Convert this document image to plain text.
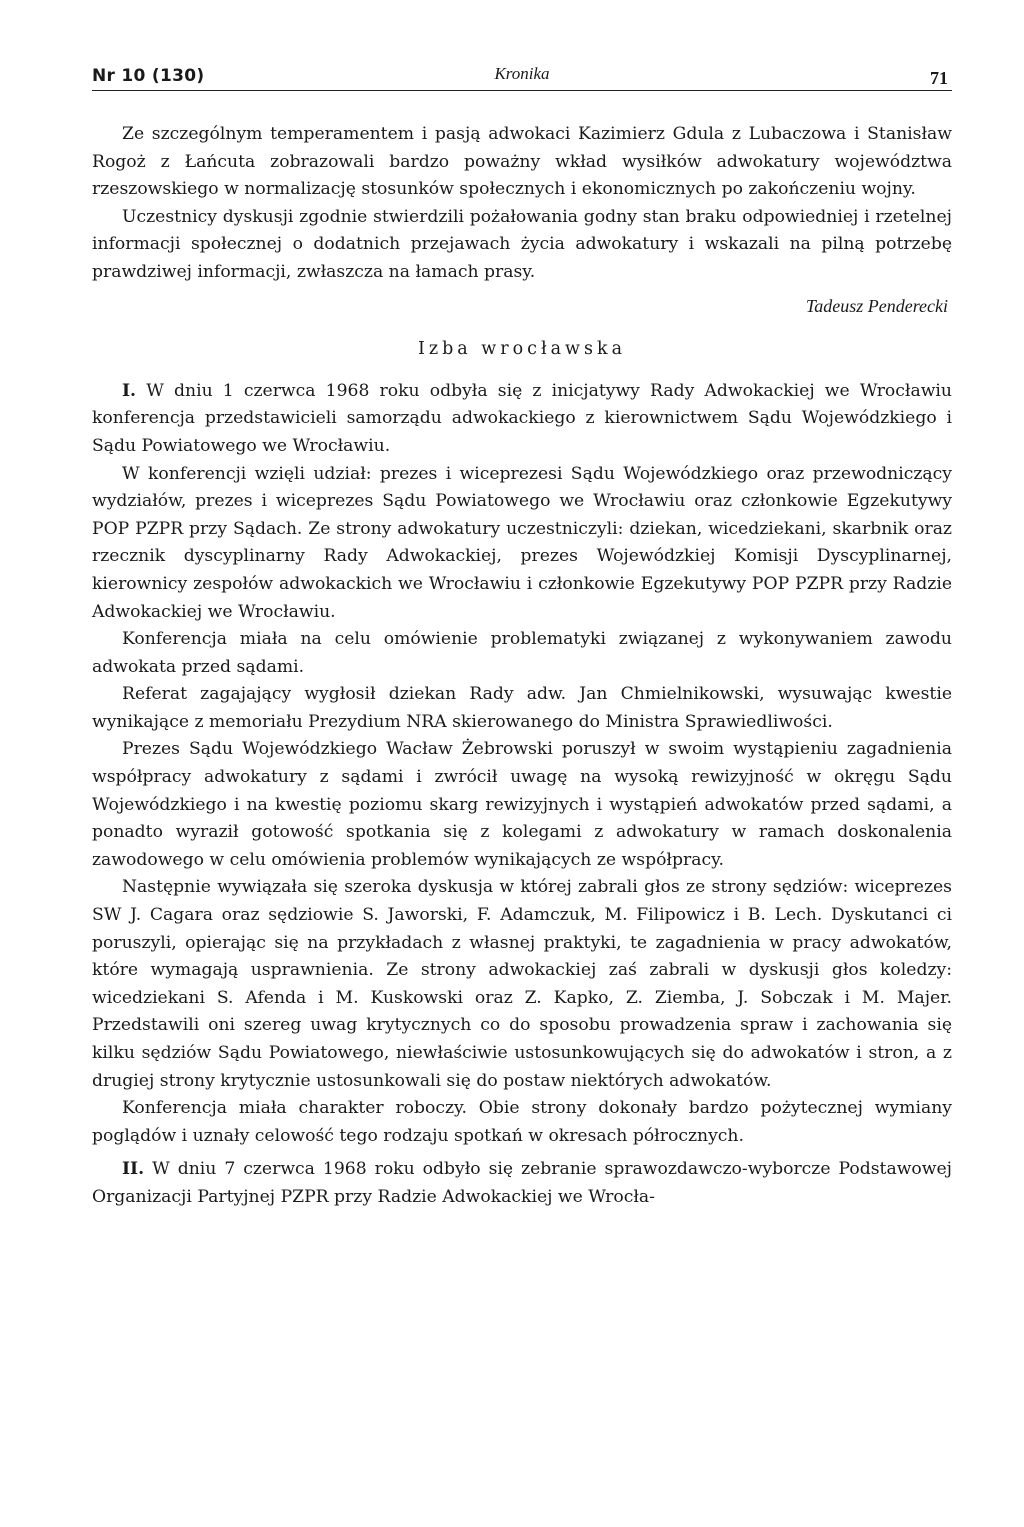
Nr 10 (130)	Kronika	71

Ze szczególnym temperamentem i pasją adwokaci Kazimierz Gdula z Lubaczowa i Stanisław Rogoż z Łańcuta zobrazowali bardzo poważny wkład wysiłków adwokatury województwa rzeszowskiego w normalizację stosunków społecznych i ekonomicznych po zakończeniu wojny.

Uczestnicy dyskusji zgodnie stwierdzili pożałowania godny stan braku odpowiedniej i rzetelnej informacji społecznej o dodatnich przejawach życia adwokatury i wskazali na pilną potrzebę prawdziwej informacji, zwłaszcza na łamach prasy.

Tadeusz Penderecki
Izba wrocławska

I. W dniu 1 czerwca 1968 roku odbyła się z inicjatywy Rady Adwokackiej we Wrocławiu konferencja przedstawicieli samorządu adwokackiego z kierownictwem Sądu Wojewódzkiego i Sądu Powiatowego we Wrocławiu.

W konferencji wzięli udział: prezes i wiceprezesi Sądu Wojewódzkiego oraz przewodniczący wydziałów, prezes i wiceprezes Sądu Powiatowego we Wrocławiu oraz członkowie Egzekutywy POP PZPR przy Sądach. Ze strony adwokatury uczestniczyli: dziekan, wicedziekani, skarbnik oraz rzecznik dyscyplinarny Rady Adwokackiej, prezes Wojewódzkiej Komisji Dyscyplinarnej, kierownicy zespołów adwokackich we Wrocławiu i członkowie Egzekutywy POP PZPR przy Radzie Adwokackiej we Wrocławiu.

Konferencja miała na celu omówienie problematyki związanej z wykonywaniem zawodu adwokata przed sądami.

Referat zagajający wygłosił dziekan Rady adw. Jan Chmielnikowski, wysuwając kwestie wynikające z memoriału Prezydium NRA skierowanego do Ministra Sprawiedliwości.

Prezes Sądu Wojewódzkiego Wacław Żebrowski poruszył w swoim wystąpieniu zagadnienia współpracy adwokatury z sądami i zwrócił uwagę na wysoką rewizyjność w okręgu Sądu Wojewódzkiego i na kwestię poziomu skarg rewizyjnych i wystąpień adwokatów przed sądami, a ponadto wyraził gotowość spotkania się z kolegami z adwokatury w ramach doskonalenia zawodowego w celu omówienia problemów wynikających ze współpracy.

Następnie wywiązała się szeroka dyskusja w której zabrali głos ze strony sędziów: wiceprezes SW J. Cagara oraz sędziowie S. Jaworski, F. Adamczuk, M. Filipowicz i B. Lech. Dyskutanci ci poruszyli, opierając się na przykładach z własnej praktyki, te zagadnienia w pracy adwokatów, które wymagają usprawnienia. Ze strony adwokackiej zaś zabrali w dyskusji głos koledzy: wicedziekani S. Afenda i M. Kuskowski oraz Z. Kapko, Z. Ziemba, J. Sobczak i M. Majer. Przedstawili oni szereg uwag krytycznych co do sposobu prowadzenia spraw i zachowania się kilku sędziów Sądu Powiatowego, niewłaściwie ustosunkowujących się do adwokatów i stron, a z drugiej strony krytycznie ustosunkowali się do postaw niektórych adwokatów.

Konferencja miała charakter roboczy. Obie strony dokonały bardzo pożytecznej wymiany poglądów i uznały celowość tego rodzaju spotkań w okresach półrocznych.

II. W dniu 7 czerwca 1968 roku odbyło się zebranie sprawozdawczo-wyborcze Podstawowej Organizacji Partyjnej PZPR przy Radzie Adwokackiej we Wrocła-
